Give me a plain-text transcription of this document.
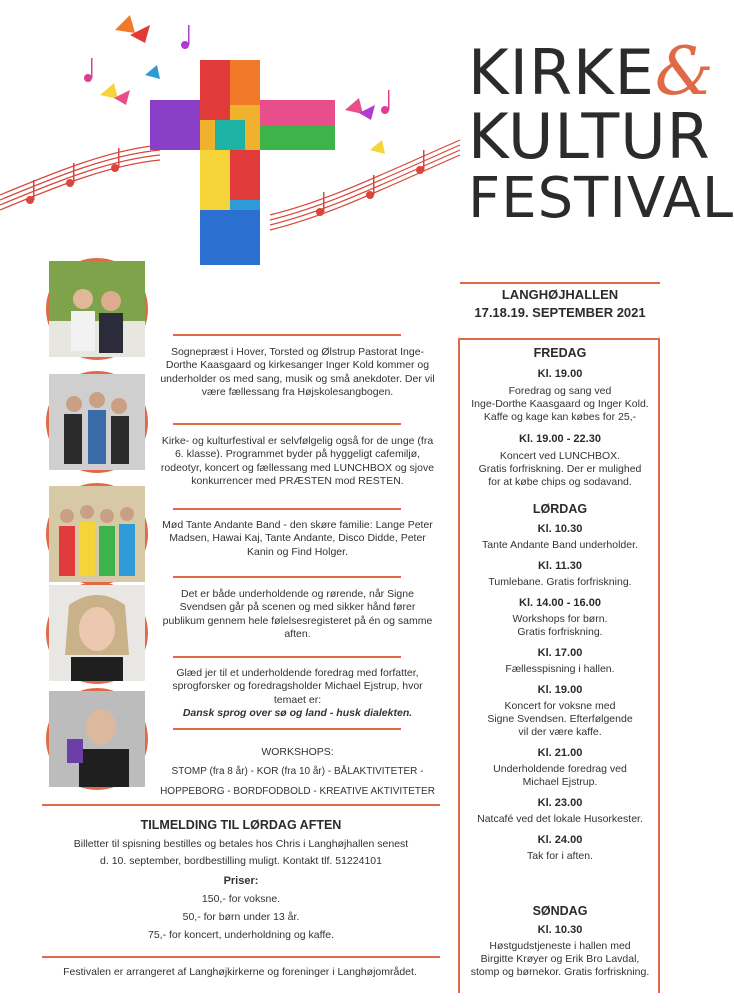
KIRKE&
KULTUR
FESTIVAL
LANGHØJHALLEN
17.18.19. SEPTEMBER 2021
Sognepræst i Hover, Torsted og Ølstrup Pastorat Inge-Dorthe Kaasgaard og kirkesanger Inger Kold kommer og underholder os med sang, musik og små anekdoter. Der vil være fællessang fra Højskolesangbogen.
Kirke- og kulturfestival er selvfølgelig også for de unge (fra 6. klasse). Programmet byder på hyggeligt cafemiljø, rodeotyr, koncert og fællessang med LUNCHBOX og sjove konkurrencer med PRÆSTEN mod RESTEN.
Mød Tante Andante Band - den skøre familie: Lange Peter Madsen, Hawai Kaj, Tante Andante, Disco Didde, Peter Kanin og Find Holger.
Det er både underholdende og rørende, når Signe Svendsen går på scenen og med sikker hånd fører publikum gennem hele følelsesregisteret på én og samme aften.
Glæd jer til et underholdende foredrag med forfatter, sprogforsker og foredragsholder Michael Ejstrup, hvor temaet er:
Dansk sprog over sø og land - husk dialekten.
WORKSHOPS:
STOMP (fra 8 år) - KOR (fra 10 år) - BÅLAKTIVITETER -
HOPPEBORG - BORDFODBOLD - KREATIVE AKTIVITETER
TILMELDING TIL LØRDAG AFTEN
Billetter til spisning bestilles og betales hos Chris i Langhøjhallen senest
d. 10. september, bordbestilling muligt. Kontakt tlf. 51224101
Priser:
150,- for voksne.
50,- for børn under 13 år.
75,- for koncert, underholdning og kaffe.
Festivalen er arrangeret af Langhøjkirkerne og foreninger i Langhøjområdet.
FREDAG
Kl. 19.00
Foredrag og sang ved
Inge-Dorthe Kaasgaard og Inger Kold.
Kaffe og kage kan købes for 25,-
Kl. 19.00 - 22.30
Koncert ved LUNCHBOX.
Gratis forfriskning. Der er mulighed
for at købe chips og sodavand.
LØRDAG
Kl. 10.30
Tante Andante Band underholder.
Kl. 11.30
Tumlebane. Gratis forfriskning.
Kl. 14.00 - 16.00
Workshops for børn.
Gratis forfriskning.
Kl. 17.00
Fællesspisning i hallen.
Kl. 19.00
Koncert for voksne med
Signe Svendsen. Efterfølgende
vil der være kaffe.
Kl. 21.00
Underholdende foredrag ved
Michael Ejstrup.
Kl. 23.00
Natcafé ved det lokale Husorkester.
Kl. 24.00
Tak for i aften.
SØNDAG
Kl. 10.30
Høstgudstjeneste i hallen med
Birgitte Krøyer og Erik Bro Lavdal,
stomp og børnekor. Gratis forfriskning.
